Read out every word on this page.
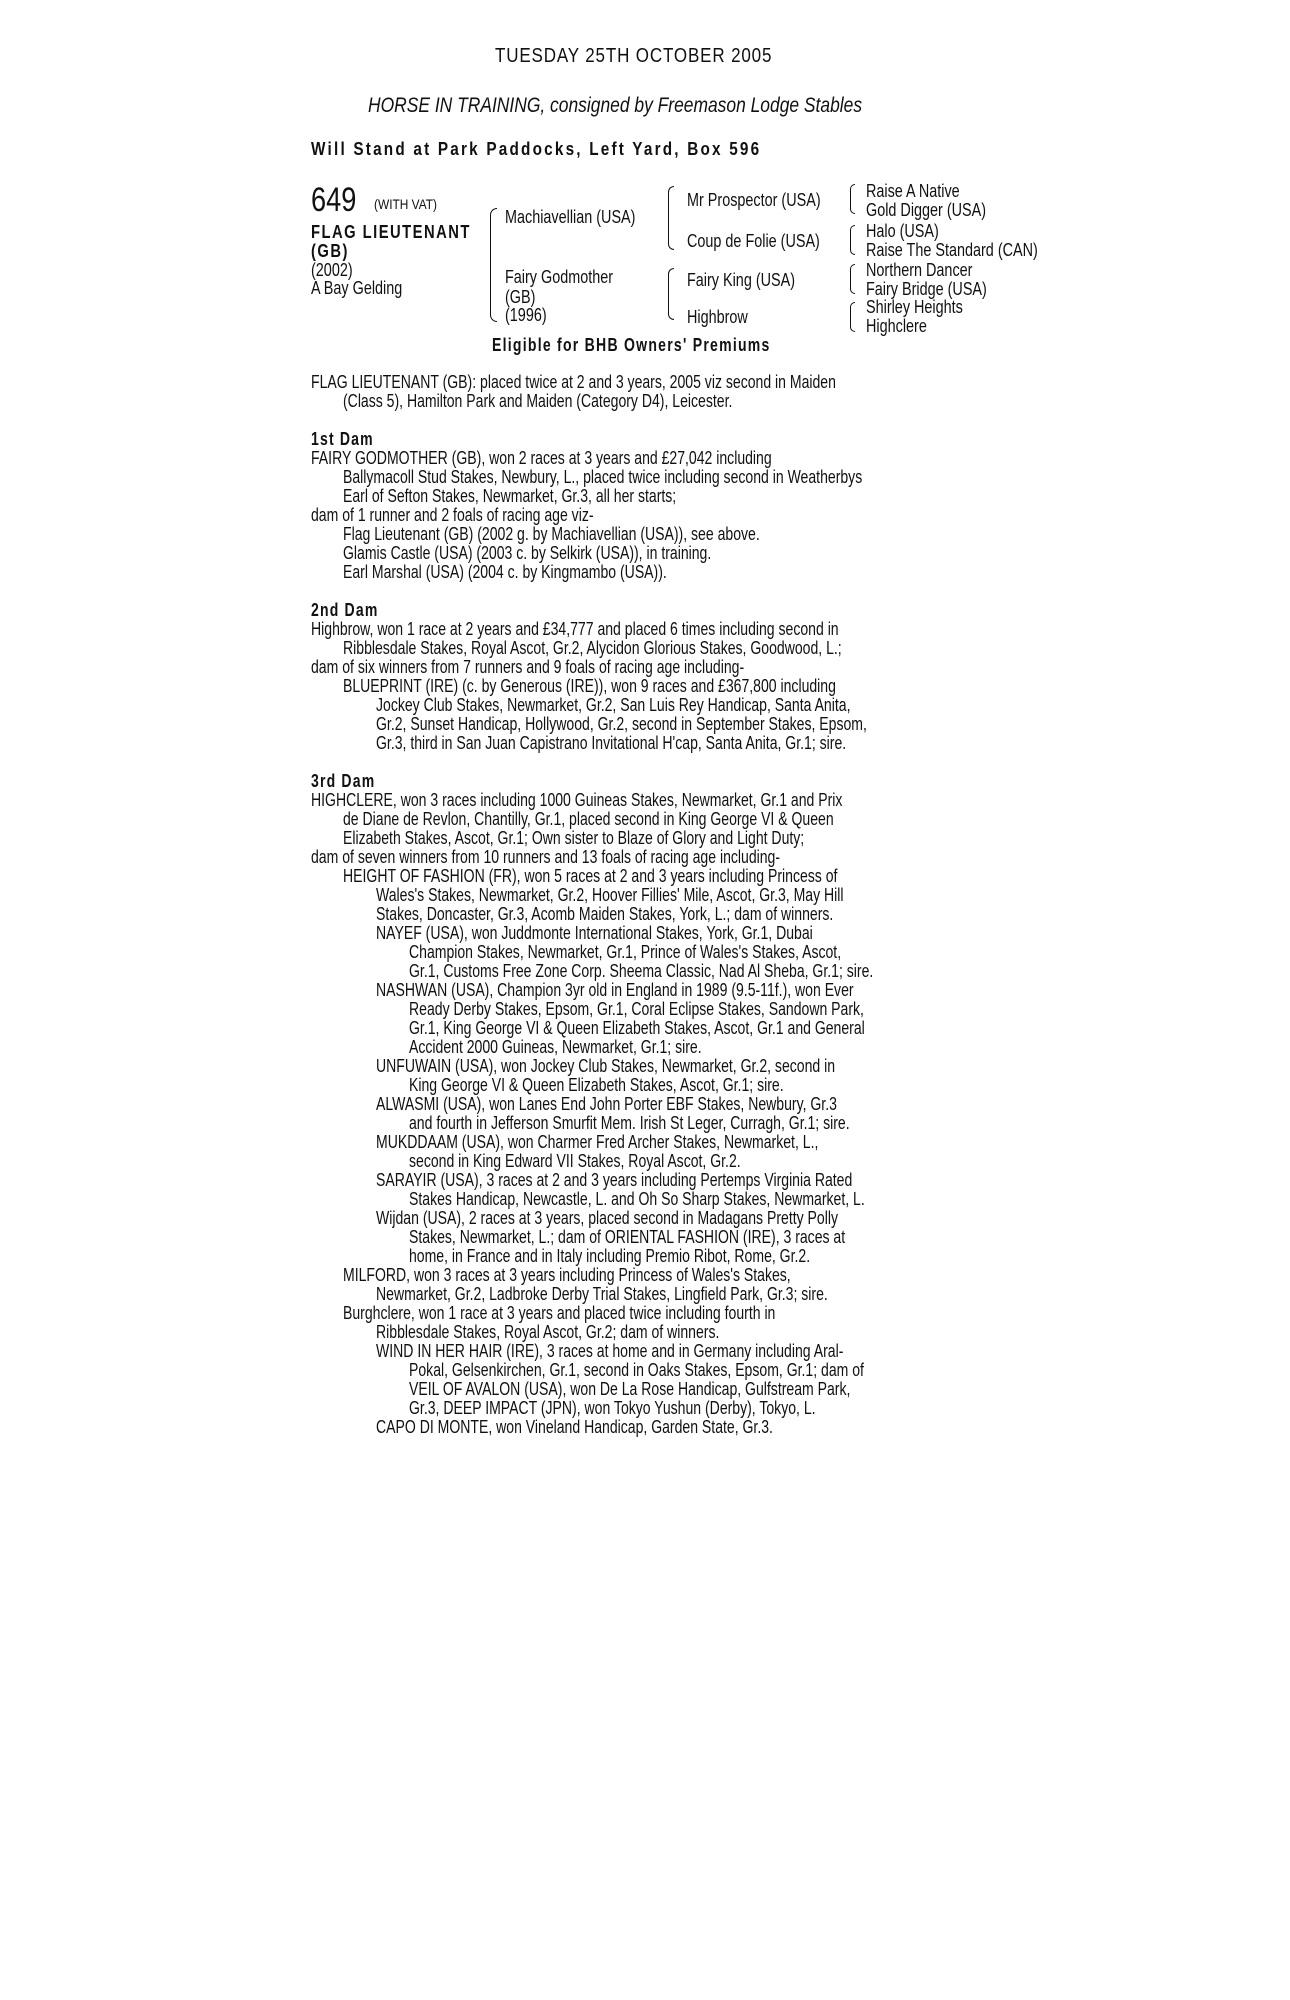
TUESDAY 25TH OCTOBER 2005
HORSE IN TRAINING, consigned by Freemason Lodge Stables
Will Stand at Park Paddocks, Left Yard, Box 596
649 (WITH VAT)
FLAG LIEUTENANT
(GB)
(2002)
A Bay Gelding
Machiavellian (USA)
Fairy Godmother
(GB)
(1996)
Mr Prospector (USA)
Coup de Folie (USA)
Fairy King (USA)
Highbrow
Raise A Native
Gold Digger (USA)
Halo (USA)
Raise The Standard (CAN)
Northern Dancer
Fairy Bridge (USA)
Shirley Heights
Highclere
Eligible for BHB Owners' Premiums
FLAG LIEUTENANT (GB): placed twice at 2 and 3 years, 2005 viz second in Maiden
(Class 5), Hamilton Park and Maiden (Category D4), Leicester.
1st Dam
FAIRY GODMOTHER (GB), won 2 races at 3 years and £27,042 including
Ballymacoll Stud Stakes, Newbury, L., placed twice including second in Weatherbys
Earl of Sefton Stakes, Newmarket, Gr.3, all her starts;
dam of 1 runner and 2 foals of racing age viz-
Flag Lieutenant (GB) (2002 g. by Machiavellian (USA)), see above.
Glamis Castle (USA) (2003 c. by Selkirk (USA)), in training.
Earl Marshal (USA) (2004 c. by Kingmambo (USA)).
2nd Dam
Highbrow, won 1 race at 2 years and £34,777 and placed 6 times including second in
Ribblesdale Stakes, Royal Ascot, Gr.2, Alycidon Glorious Stakes, Goodwood, L.;
dam of six winners from 7 runners and 9 foals of racing age including-
BLUEPRINT (IRE) (c. by Generous (IRE)), won 9 races and £367,800 including
Jockey Club Stakes, Newmarket, Gr.2, San Luis Rey Handicap, Santa Anita,
Gr.2, Sunset Handicap, Hollywood, Gr.2, second in September Stakes, Epsom,
Gr.3, third in San Juan Capistrano Invitational H'cap, Santa Anita, Gr.1; sire.
3rd Dam
HIGHCLERE, won 3 races including 1000 Guineas Stakes, Newmarket, Gr.1 and Prix
de Diane de Revlon, Chantilly, Gr.1, placed second in King George VI & Queen
Elizabeth Stakes, Ascot, Gr.1; Own sister to Blaze of Glory and Light Duty;
dam of seven winners from 10 runners and 13 foals of racing age including-
HEIGHT OF FASHION (FR), won 5 races at 2 and 3 years including Princess of
Wales's Stakes, Newmarket, Gr.2, Hoover Fillies' Mile, Ascot, Gr.3, May Hill
Stakes, Doncaster, Gr.3, Acomb Maiden Stakes, York, L.; dam of winners.
NAYEF (USA), won Juddmonte International Stakes, York, Gr.1, Dubai
Champion Stakes, Newmarket, Gr.1, Prince of Wales's Stakes, Ascot,
Gr.1, Customs Free Zone Corp. Sheema Classic, Nad Al Sheba, Gr.1; sire.
NASHWAN (USA), Champion 3yr old in England in 1989 (9.5-11f.), won Ever
Ready Derby Stakes, Epsom, Gr.1, Coral Eclipse Stakes, Sandown Park,
Gr.1, King George VI & Queen Elizabeth Stakes, Ascot, Gr.1 and General
Accident 2000 Guineas, Newmarket, Gr.1; sire.
UNFUWAIN (USA), won Jockey Club Stakes, Newmarket, Gr.2, second in
King George VI & Queen Elizabeth Stakes, Ascot, Gr.1; sire.
ALWASMI (USA), won Lanes End John Porter EBF Stakes, Newbury, Gr.3
and fourth in Jefferson Smurfit Mem. Irish St Leger, Curragh, Gr.1; sire.
MUKDDAAM (USA), won Charmer Fred Archer Stakes, Newmarket, L.,
second in King Edward VII Stakes, Royal Ascot, Gr.2.
SARAYIR (USA), 3 races at 2 and 3 years including Pertemps Virginia Rated
Stakes Handicap, Newcastle, L. and Oh So Sharp Stakes, Newmarket, L.
Wijdan (USA), 2 races at 3 years, placed second in Madagans Pretty Polly
Stakes, Newmarket, L.; dam of ORIENTAL FASHION (IRE), 3 races at
home, in France and in Italy including Premio Ribot, Rome, Gr.2.
MILFORD, won 3 races at 3 years including Princess of Wales's Stakes,
Newmarket, Gr.2, Ladbroke Derby Trial Stakes, Lingfield Park, Gr.3; sire.
Burghclere, won 1 race at 3 years and placed twice including fourth in
Ribblesdale Stakes, Royal Ascot, Gr.2; dam of winners.
WIND IN HER HAIR (IRE), 3 races at home and in Germany including Aral-
Pokal, Gelsenkirchen, Gr.1, second in Oaks Stakes, Epsom, Gr.1; dam of
VEIL OF AVALON (USA), won De La Rose Handicap, Gulfstream Park,
Gr.3, DEEP IMPACT (JPN), won Tokyo Yushun (Derby), Tokyo, L.
CAPO DI MONTE, won Vineland Handicap, Garden State, Gr.3.
